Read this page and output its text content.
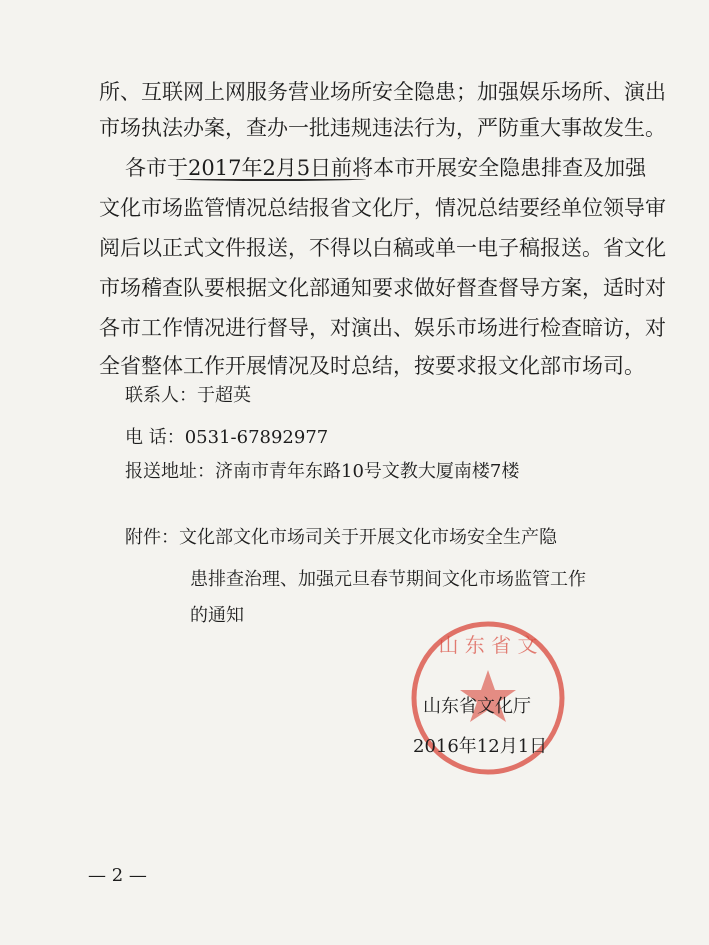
所、互联网上网服务营业场所安全隐患；加强娱乐场所、演出
市场执法办案，查办一批违规违法行为，严防重大事故发生。
各市于2017年2月5日前将本市开展安全隐患排查及加强
文化市场监管情况总结报省文化厅，情况总结要经单位领导审
阅后以正式文件报送，不得以白稿或单一电子稿报送。省文化
市场稽查队要根据文化部通知要求做好督查督导方案，适时对
各市工作情况进行督导，对演出、娱乐市场进行检查暗访，对
全省整体工作开展情况及时总结，按要求报文化部市场司。
联系人：于超英
电 话：0531-67892977
报送地址：济南市青年东路10号文教大厦南楼7楼
附件：文化部文化市场司关于开展文化市场安全生产隐
患排查治理、加强元旦春节期间文化市场监管工作
的通知
山 东 省 文
山东省文化厅
2016年12月1日
— 2 —
